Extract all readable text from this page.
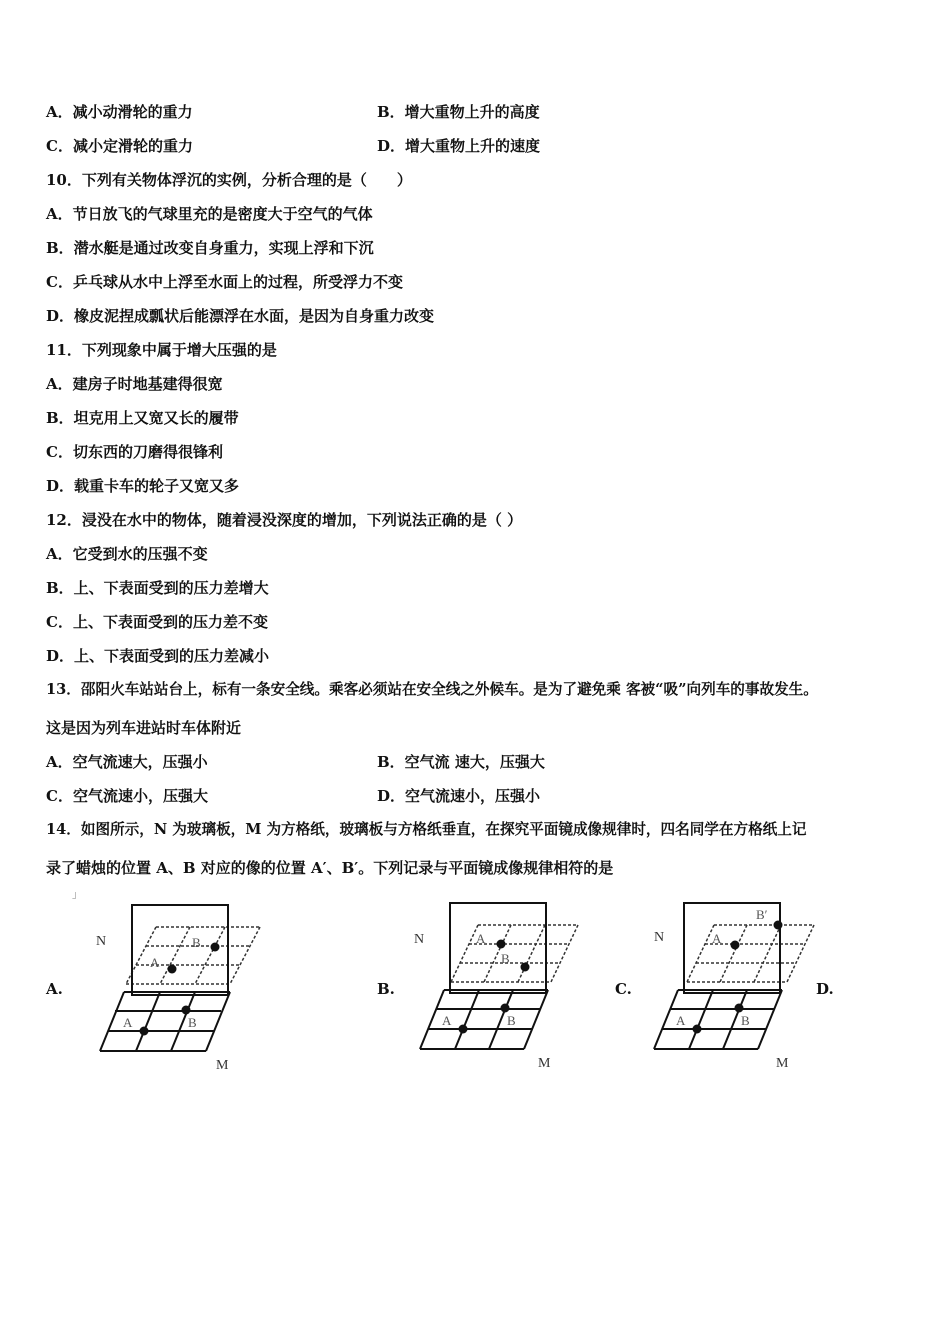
A．减小动滑轮的重力	B．增大重物上升的高度
C．减小定滑轮的重力	D．增大重物上升的速度
10．下列有关物体浮沉的实例，分析合理的是（　　）
A．节日放飞的气球里充的是密度大于空气的气体
B．潜水艇是通过改变自身重力，实现上浮和下沉
C．乒乓球从水中上浮至水面上的过程，所受浮力不变
D．橡皮泥捏成瓢状后能漂浮在水面，是因为自身重力改变
11．下列现象中属于增大压强的是
A．建房子时地基建得很宽
B．坦克用上又宽又长的履带
C．切东西的刀磨得很锋利
D．载重卡车的轮子又宽又多
12．浸没在水中的物体，随着浸没深度的增加，下列说法正确的是（ ）
A．它受到水的压强不变
B．上、下表面受到的压力差增大
C．上、下表面受到的压力差不变
D．上、下表面受到的压力差减小
13．邵阳火车站站台上，标有一条安全线。乘客必须站在安全线之外候车。是为了避免乘 客被“吸”向列车的事故发生。
这是因为列车进站时车体附近
A．空气流速大，压强小	B．空气流 速大，压强大
C．空气流速小，压强大	D．空气流速小，压强小
14．如图所示，N 为玻璃板，M 为方格纸，玻璃板与方格纸垂直，在探究平面镜成像规律时，四名同学在方格纸上记
录了蜡烛的位置 A、B 对应的像的位置 A′、B′。下列记录与平面镜成像规律相符的是
」
A.	B.	C.	D.
N
M
B
A
B
A
N
M
A
B
B
A
N
M
B′
A
B
A
